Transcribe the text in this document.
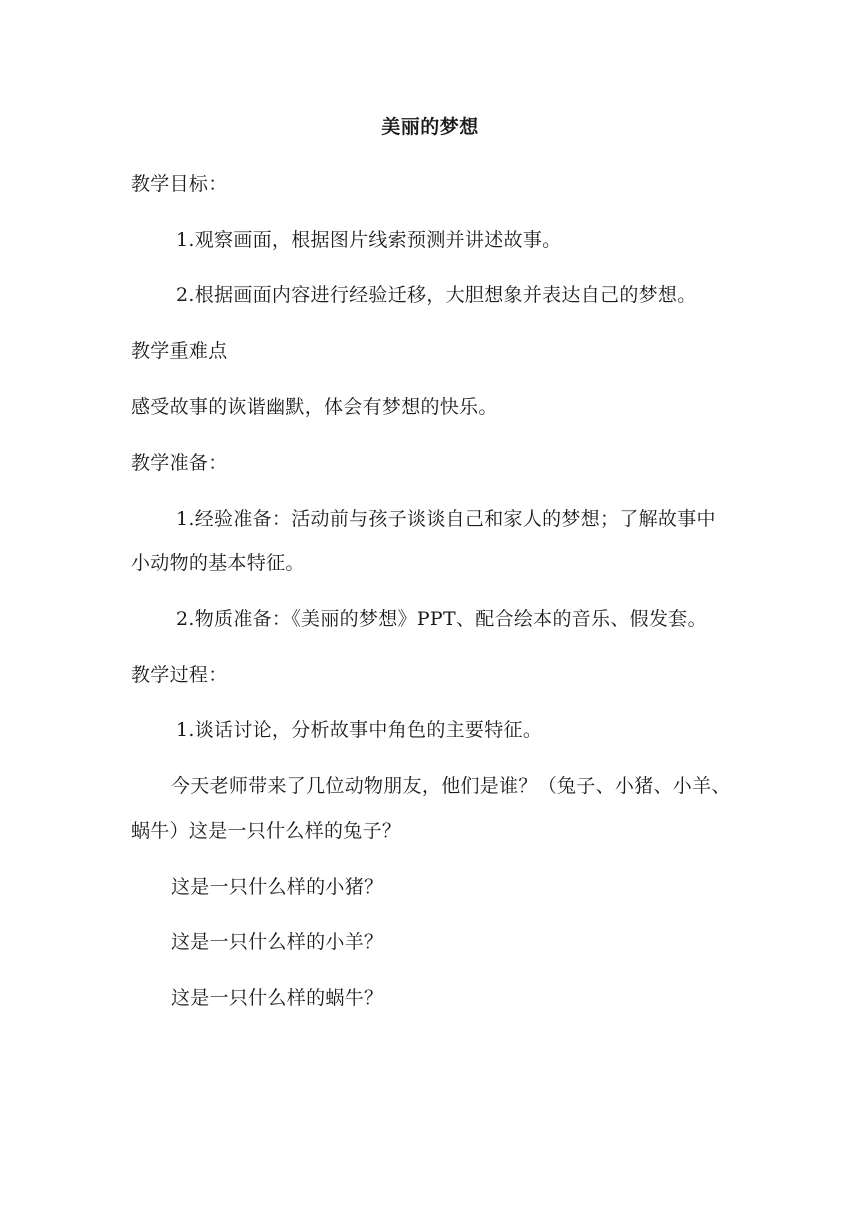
美丽的梦想
教学目标：
1.观察画面，根据图片线索预测并讲述故事。
2.根据画面内容进行经验迁移，大胆想象并表达自己的梦想。
教学重难点
感受故事的诙谐幽默，体会有梦想的快乐。
教学准备：
1.经验准备：活动前与孩子谈谈自己和家人的梦想；了解故事中
小动物的基本特征。
2.物质准备：《美丽的梦想》PPT、配合绘本的音乐、假发套。
教学过程：
1.谈话讨论，分析故事中角色的主要特征。
今天老师带来了几位动物朋友，他们是谁？（兔子、小猪、小羊、
蜗牛）这是一只什么样的兔子？
这是一只什么样的小猪？
这是一只什么样的小羊？
这是一只什么样的蜗牛？
